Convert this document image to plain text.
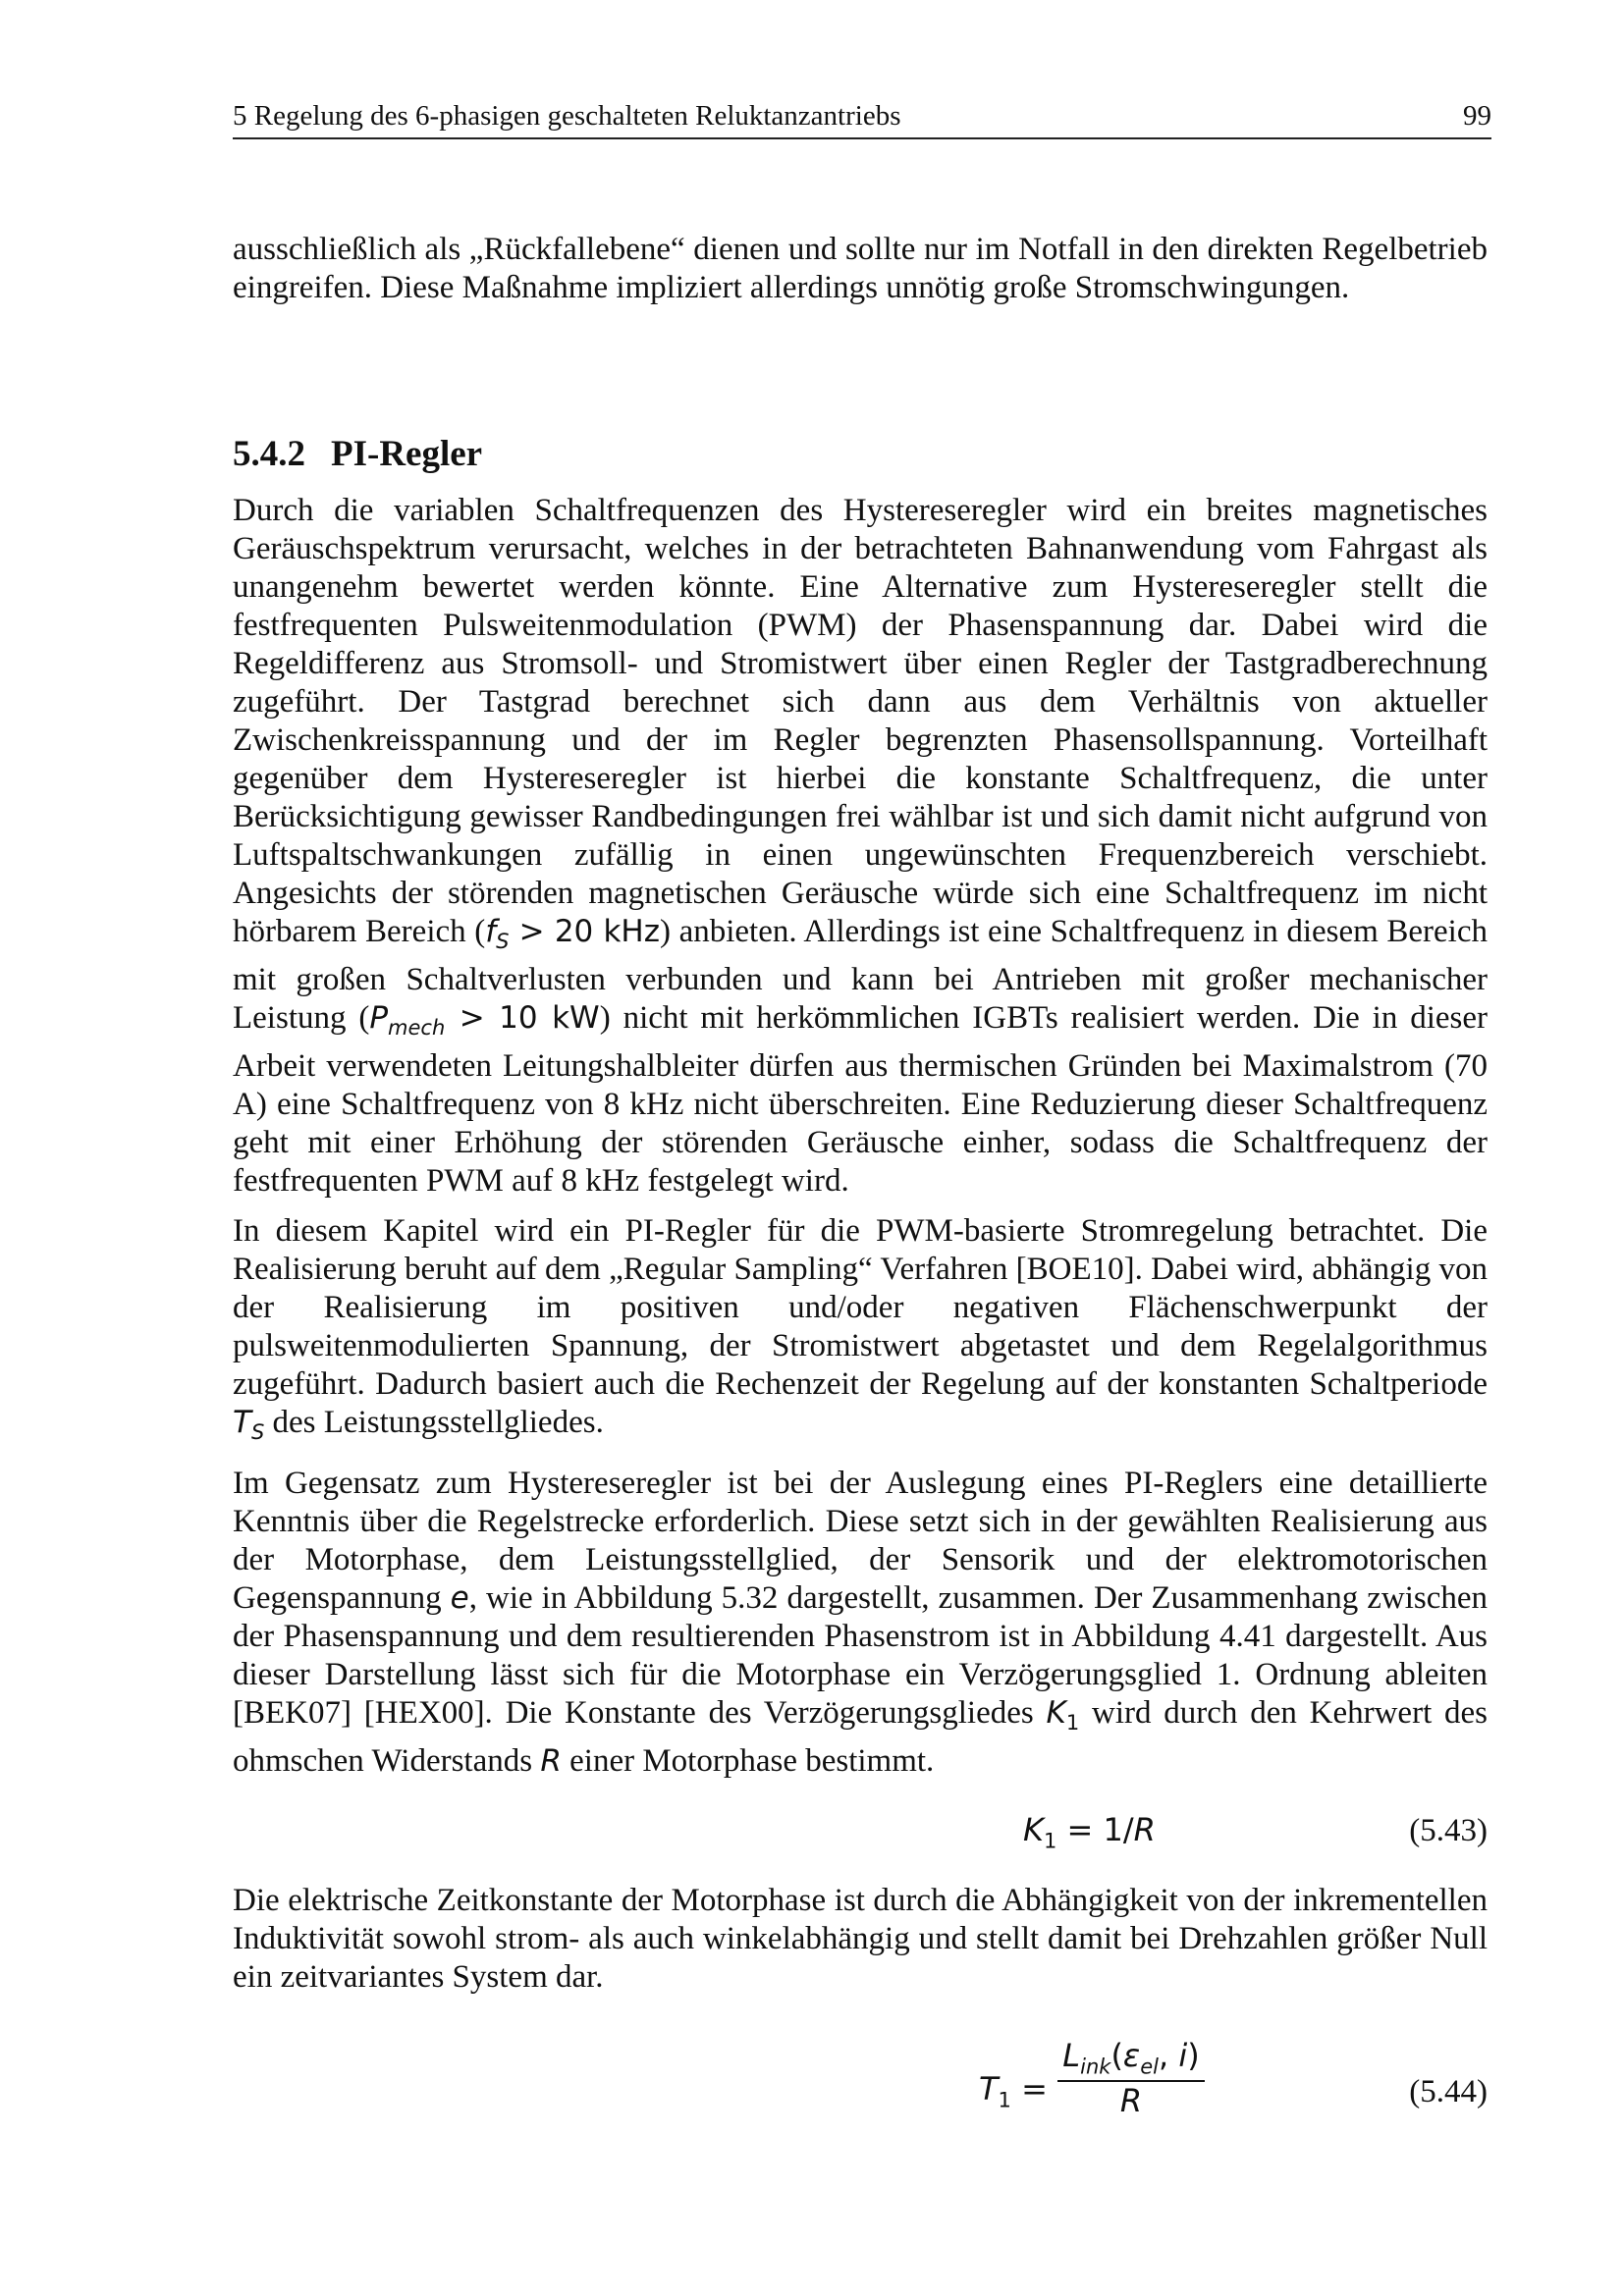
5 Regelung des 6-phasigen geschalteten Reluktanzantriebs	99

ausschließlich als „Rückfallebene“ dienen und sollte nur im Notfall in den direkten Regelbetrieb eingreifen. Diese Maßnahme impliziert allerdings unnötig große Stromschwingungen.

5.4.2 PI-Regler

Durch die variablen Schaltfrequenzen des Hystereseregler wird ein breites magnetisches Geräuschspektrum verursacht, welches in der betrachteten Bahnanwendung vom Fahrgast als unangenehm bewertet werden könnte. Eine Alternative zum Hystereseregler stellt die festfrequenten Pulsweitenmodulation (PWM) der Phasenspannung dar. Dabei wird die Regeldifferenz aus Stromsoll- und Stromistwert über einen Regler der Tastgradberechnung zugeführt. Der Tastgrad berechnet sich dann aus dem Verhältnis von aktueller Zwischenkreisspannung und der im Regler begrenzten Phasensollspannung. Vorteilhaft gegenüber dem Hystereseregler ist hierbei die konstante Schaltfrequenz, die unter Berücksichtigung gewisser Randbedingungen frei wählbar ist und sich damit nicht aufgrund von Luftspaltschwankungen zufällig in einen ungewünschten Frequenzbereich verschiebt. Angesichts der störenden magnetischen Geräusche würde sich eine Schaltfrequenz im nicht hörbarem Bereich ($f_S > 20$ kHz) anbieten. Allerdings ist eine Schaltfrequenz in diesem Bereich mit großen Schaltverlusten verbunden und kann bei Antrieben mit großer mechanischer Leistung ($P_{mech} > 10$ kW) nicht mit herkömmlichen IGBTs realisiert werden. Die in dieser Arbeit verwendeten Leitungshalbleiter dürfen aus thermischen Gründen bei Maximalstrom (70 A) eine Schaltfrequenz von 8 kHz nicht überschreiten. Eine Reduzierung dieser Schaltfrequenz geht mit einer Erhöhung der störenden Geräusche einher, sodass die Schaltfrequenz der festfrequenten PWM auf 8 kHz festgelegt wird.

In diesem Kapitel wird ein PI-Regler für die PWM-basierte Stromregelung betrachtet. Die Realisierung beruht auf dem „Regular Sampling“ Verfahren [BOE10]. Dabei wird, abhängig von der Realisierung im positiven und/oder negativen Flächenschwerpunkt der pulsweitenmodulierten Spannung, der Stromistwert abgetastet und dem Regelalgorithmus zugeführt. Dadurch basiert auch die Rechenzeit der Regelung auf der konstanten Schaltperiode $T_S$ des Leistungsstellgliedes.

Im Gegensatz zum Hystereseregler ist bei der Auslegung eines PI-Reglers eine detaillierte Kenntnis über die Regelstrecke erforderlich. Diese setzt sich in der gewählten Realisierung aus der Motorphase, dem Leistungsstellglied, der Sensorik und der elektromotorischen Gegenspannung e, wie in Abbildung 5.32 dargestellt, zusammen. Der Zusammenhang zwischen der Phasenspannung und dem resultierenden Phasenstrom ist in Abbildung 4.41 dargestellt. Aus dieser Darstellung lässt sich für die Motorphase ein Verzögerungsglied 1. Ordnung ableiten [BEK07] [HEX00]. Die Konstante des Verzögerungsgliedes $K_1$ wird durch den Kehrwert des ohmschen Widerstands R einer Motorphase bestimmt.

$K_1 = 1/R$	(5.43)

Die elektrische Zeitkonstante der Motorphase ist durch die Abhängigkeit von der inkrementellen Induktivität sowohl strom- als auch winkelabhängig und stellt damit bei Drehzahlen größer Null ein zeitvariantes System dar.

$T_1$ =
$L_{ink}(\varepsilon_{el}$, i)
R	(5.44)
